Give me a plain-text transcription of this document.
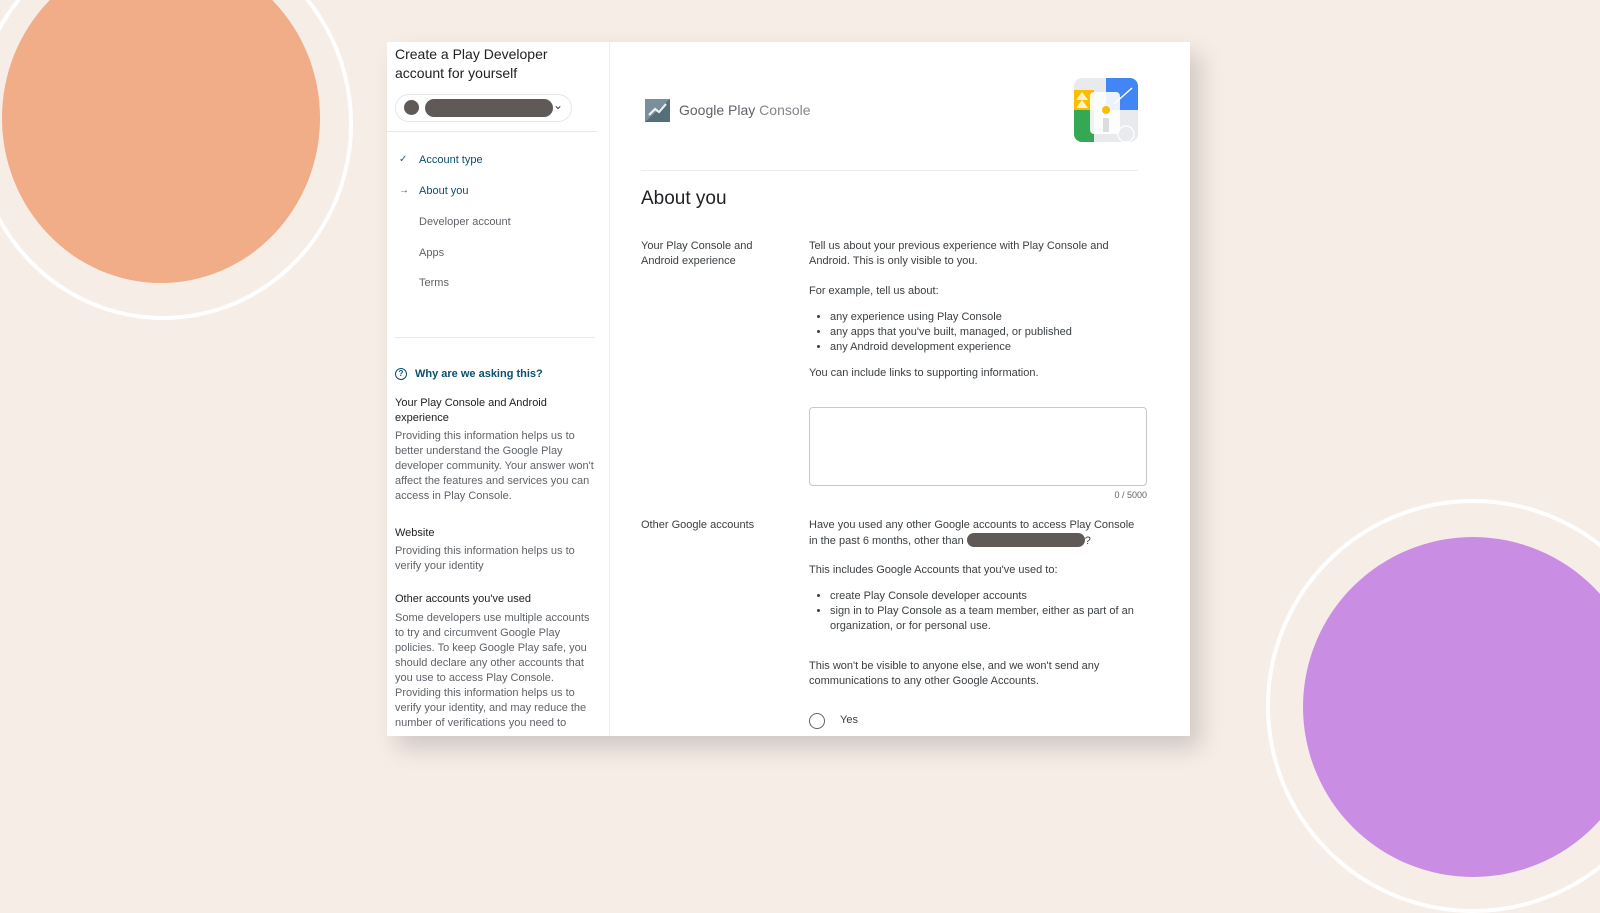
Create a Play Developer account for yourself
⌄
✓ Account type
→ About you
Developer account
Apps
Terms
?	Why are we asking this?
Your Play Console and Android experience
Providing this information helps us to better understand the Google Play developer community. Your answer won't affect the features and services you can access in Play Console.
Website
Providing this information helps us to verify your identity
Other accounts you've used
Some developers use multiple accounts to try and circumvent Google Play policies. To keep Google Play safe, you should declare any other accounts that you use to access Play Console. Providing this information helps us to verify your identity, and may reduce the number of verifications you need to
Google Play Console
About you
Your Play Console and Android experience
Tell us about your previous experience with Play Console and Android. This is only visible to you.
For example, tell us about:
• any experience using Play Console
• any apps that you've built, managed, or published
• any Android development experience
You can include links to supporting information.
0 / 5000
Other Google accounts	Have you used any other Google accounts to access Play Console in the past 6 months, other than	?
This includes Google Accounts that you've used to:
• create Play Console developer accounts
• sign in to Play Console as a team member, either as part of an organization, or for personal use.
This won't be visible to anyone else, and we won't send any communications to any other Google Accounts.
Yes
